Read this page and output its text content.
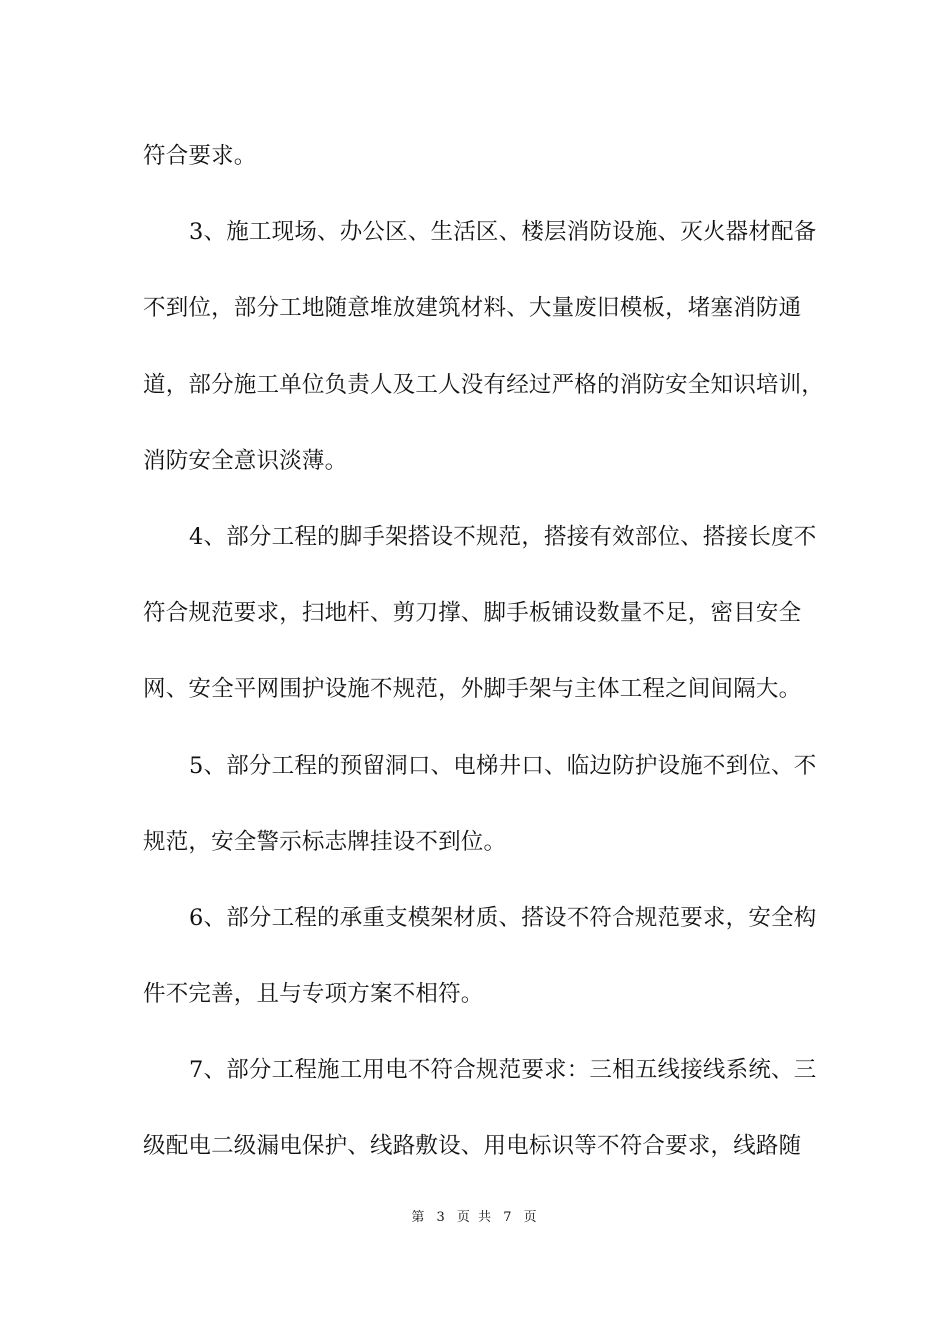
符合要求。
3、施工现场、办公区、生活区、楼层消防设施、灭火器材配备
不到位，部分工地随意堆放建筑材料、大量废旧模板，堵塞消防通
道，部分施工单位负责人及工人没有经过严格的消防安全知识培训，
消防安全意识淡薄。
4、部分工程的脚手架搭设不规范，搭接有效部位、搭接长度不
符合规范要求，扫地杆、剪刀撑、脚手板铺设数量不足，密目安全
网、安全平网围护设施不规范，外脚手架与主体工程之间间隔大。
5、部分工程的预留洞口、电梯井口、临边防护设施不到位、不
规范，安全警示标志牌挂设不到位。
6、部分工程的承重支模架材质、搭设不符合规范要求，安全构
件不完善，且与专项方案不相符。
7、部分工程施工用电不符合规范要求：三相五线接线系统、三
级配电二级漏电保护、线路敷设、用电标识等不符合要求，线路随
第 3 页 共 7 页
